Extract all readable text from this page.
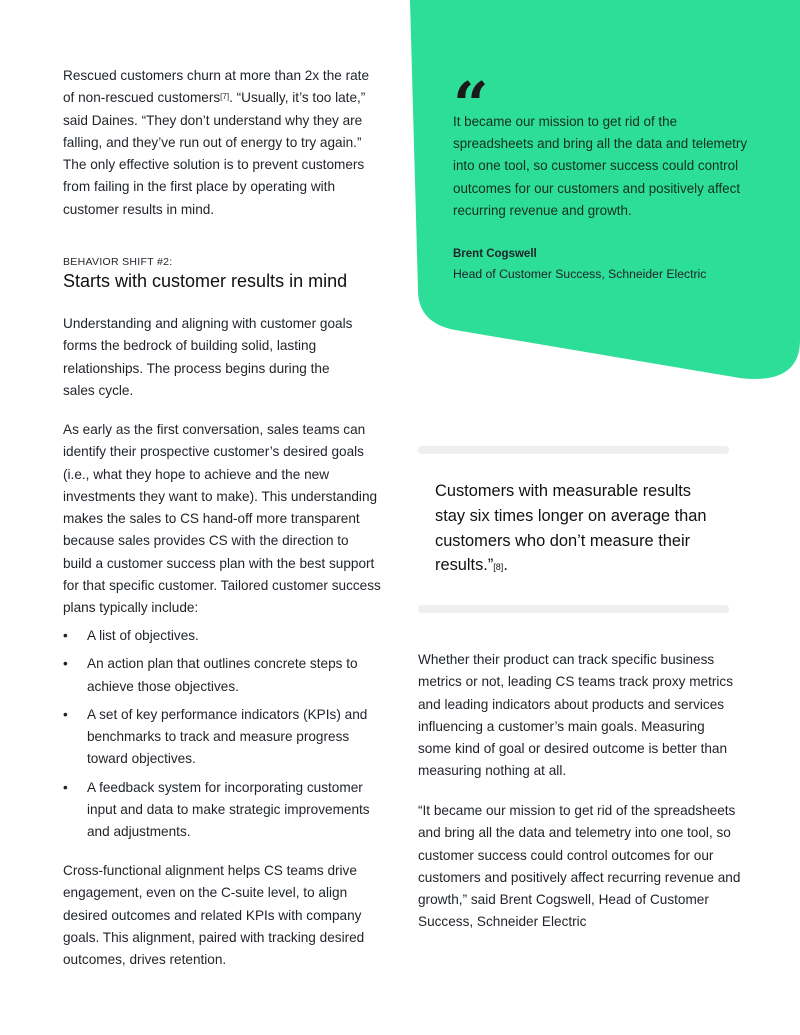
“

It became our mission to get rid of the spreadsheets and bring all the data and telemetry into one tool, so customer success could control outcomes for our customers and positively affect recurring revenue and growth.

Brent Cogswell

Head of Customer Success, Schneider Electric

Rescued customers churn at more than 2x the rate of non-rescued customers[7]. “Usually, it’s too late,” said Daines. “They don’t understand why they are falling, and they’ve run out of energy to try again.” The only effective solution is to prevent customers from failing in the first place by operating with customer results in mind.

BEHAVIOR SHIFT #2:

Starts with customer results in mind

Understanding and aligning with customer goals forms the bedrock of building solid, lasting relationships. The process begins during the sales cycle.

As early as the first conversation, sales teams can identify their prospective customer’s desired goals (i.e., what they hope to achieve and the new investments they want to make). This understanding makes the sales to CS hand-off more transparent because sales provides CS with the direction to build a customer success plan with the best support for that specific customer. Tailored customer success plans typically include:

• A list of objectives.
• An action plan that outlines concrete steps to achieve those objectives.
• A set of key performance indicators (KPIs) and benchmarks to track and measure progress toward objectives.
• A feedback system for incorporating customer input and data to make strategic improvements and adjustments.

Cross-functional alignment helps CS teams drive engagement, even on the C-suite level, to align desired outcomes and related KPIs with company goals. This alignment, paired with tracking desired outcomes, drives retention.

Customers with measurable results stay six times longer on average than customers who don’t measure their results.”[8].

Whether their product can track specific business metrics or not, leading CS teams track proxy metrics and leading indicators about products and services influencing a customer’s main goals. Measuring some kind of goal or desired outcome is better than measuring nothing at all.

“It became our mission to get rid of the spreadsheets and bring all the data and telemetry into one tool, so customer success could control outcomes for our customers and positively affect recurring revenue and growth,” said Brent Cogswell, Head of Customer Success, Schneider Electric
